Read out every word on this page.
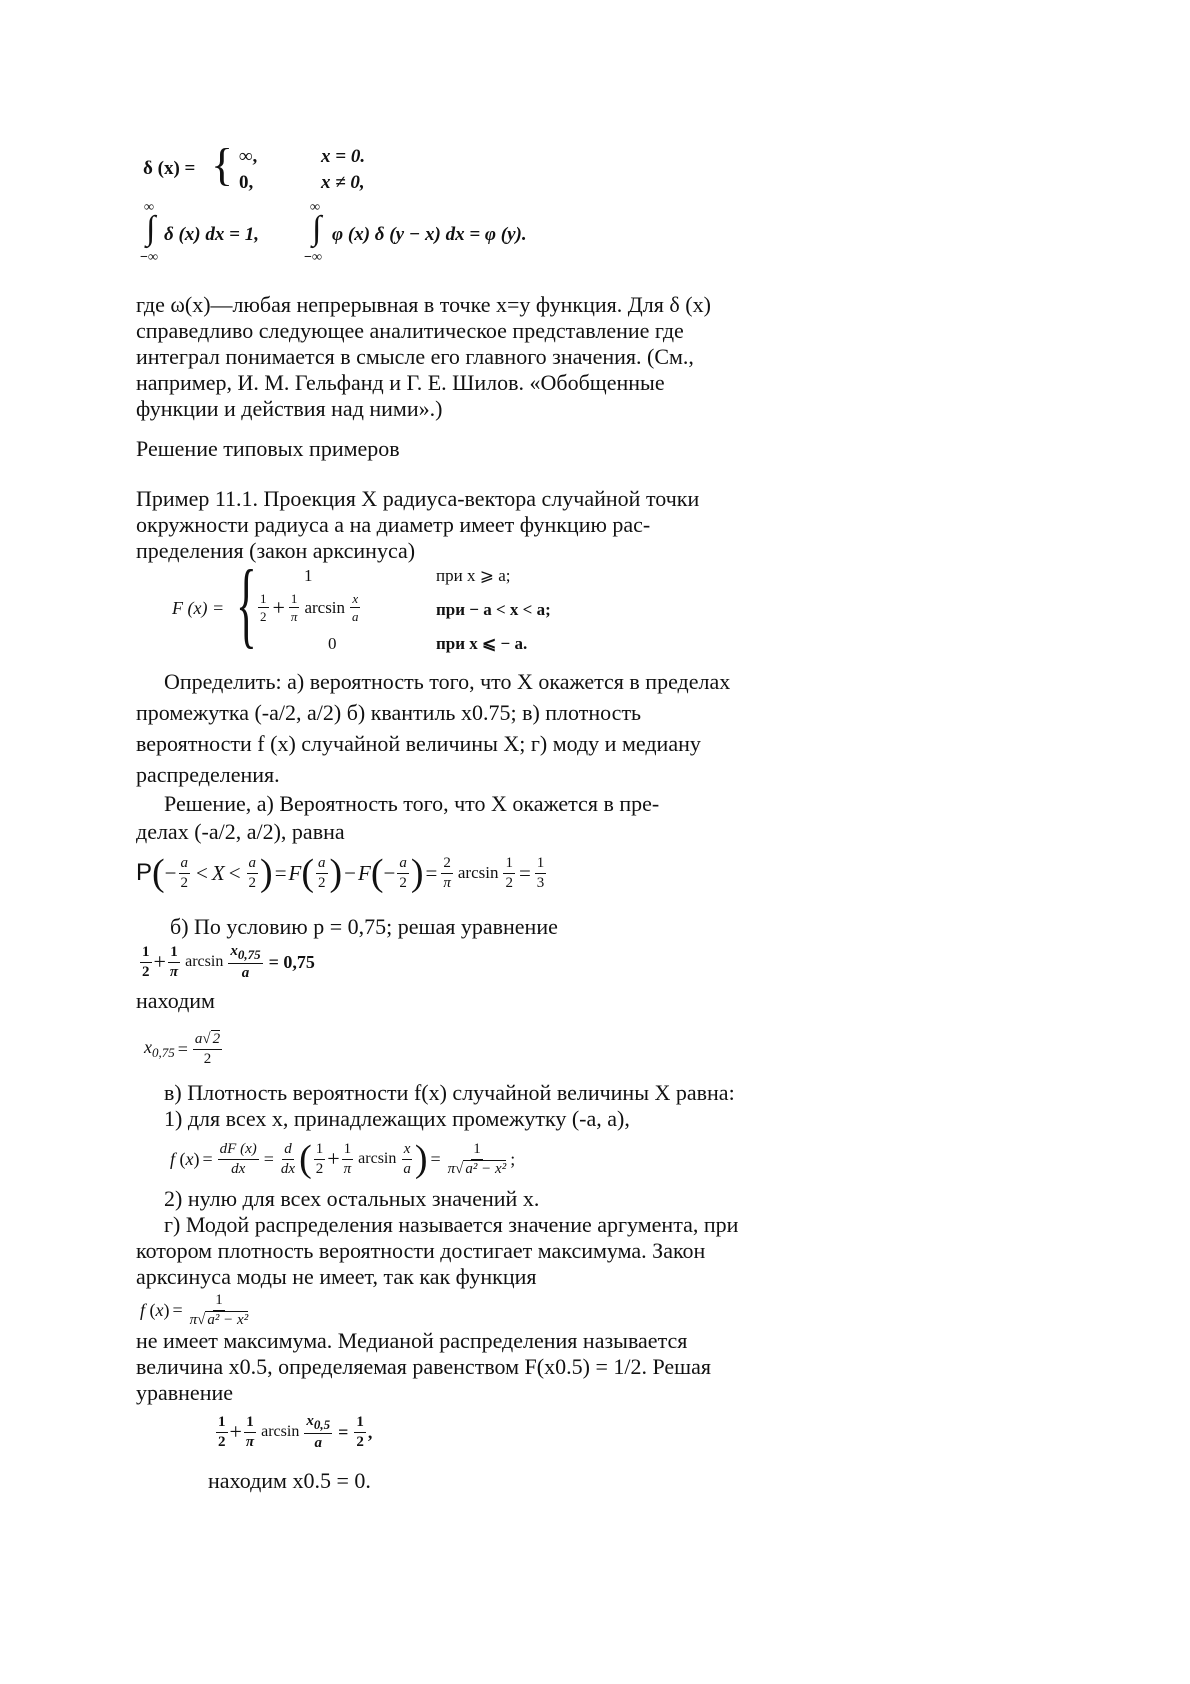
δ (x) = { ∞,	x = 0.
0,	x ≠ 0,
∞
∫
−∞
δ (x) dx = 1,
∞
∫
−∞
φ (x) δ (y − x) dx = φ (y).
где ω(x)—любая непрерывная в точке x=y функция. Для δ (x)
справедливо следующее аналитическое представление где
интеграл понимается в смысле его главного значения. (См.,
например, И. М. Гельфанд и Г. Е. Шилов. «Обобщенные
функции и действия над ними».)
Решение типовых примеров
Пример 11.1. Проекция X радиуса-вектора случайной точки
окружности радиуса a на диаметр имеет функцию рас-
пределения (закон арксинуса)
F (x) = {	1	при x ⩾ a;
$\frac{1}{2} + \frac{1}{\pi}$ $\arcsin \frac{x}{a}$	при − a < x < a;
0	при x ⩽ − a.
Определить: а) вероятность того, что X окажется в пределах
промежутка (-a/2, a/2) б) квантиль x0.75; в) плотность
вероятности f (x) случайной величины X; г) моду и медиану
распределения.
Решение, а) Вероятность того, что X окажется в пре-
делах (-a/2, a/2), равна
P ( − $\frac{a}{2} < X < \frac{a}{2}$ ) = F ( $\frac{a}{2}$ ) − F ( − $\frac{a}{2}$ ) = $\frac{2}{\pi}$ $\arcsin \frac{1}{2} = \frac{1}{3}$
б) По условию p = 0,75; решая уравнение
$\frac{1}{2} + \frac{1}{\pi}$ $\arcsin \frac{x0,75}{a} = 0,75$
находим
$x_{0,75} = \frac{a√ 2}{2}$
в) Плотность вероятности f(x) случайной величины X равна:
1) для всех x, принадлежащих промежутку (-a, a),
f ( x ) = $\frac{dF (x)}{dx} = \frac{d}{dx}$ ( $\frac{1}{2} + \frac{1}{\pi}$ $\arcsin \frac{x}{a}$ ) = $\frac{1}{\text{π√ a² − x²}}$ ;
2) нулю для всех остальных значений x.
г) Модой распределения называется значение аргумента, при
котором плотность вероятности достигает максимума. Закон
арксинуса моды не имеет, так как функция
f ( x ) = $\frac{1}{\text{π√ a² − x²}}$
не имеет максимума. Медианой распределения называется
величина x0.5, определяемая равенством F(x0.5) = 1/2. Решая
уравнение
$\frac{1}{2} + \frac{1}{\pi}$ $\arcsin \frac{x0,5}{a} = \frac{1}{2}$ ,
находим x0.5 = 0.
